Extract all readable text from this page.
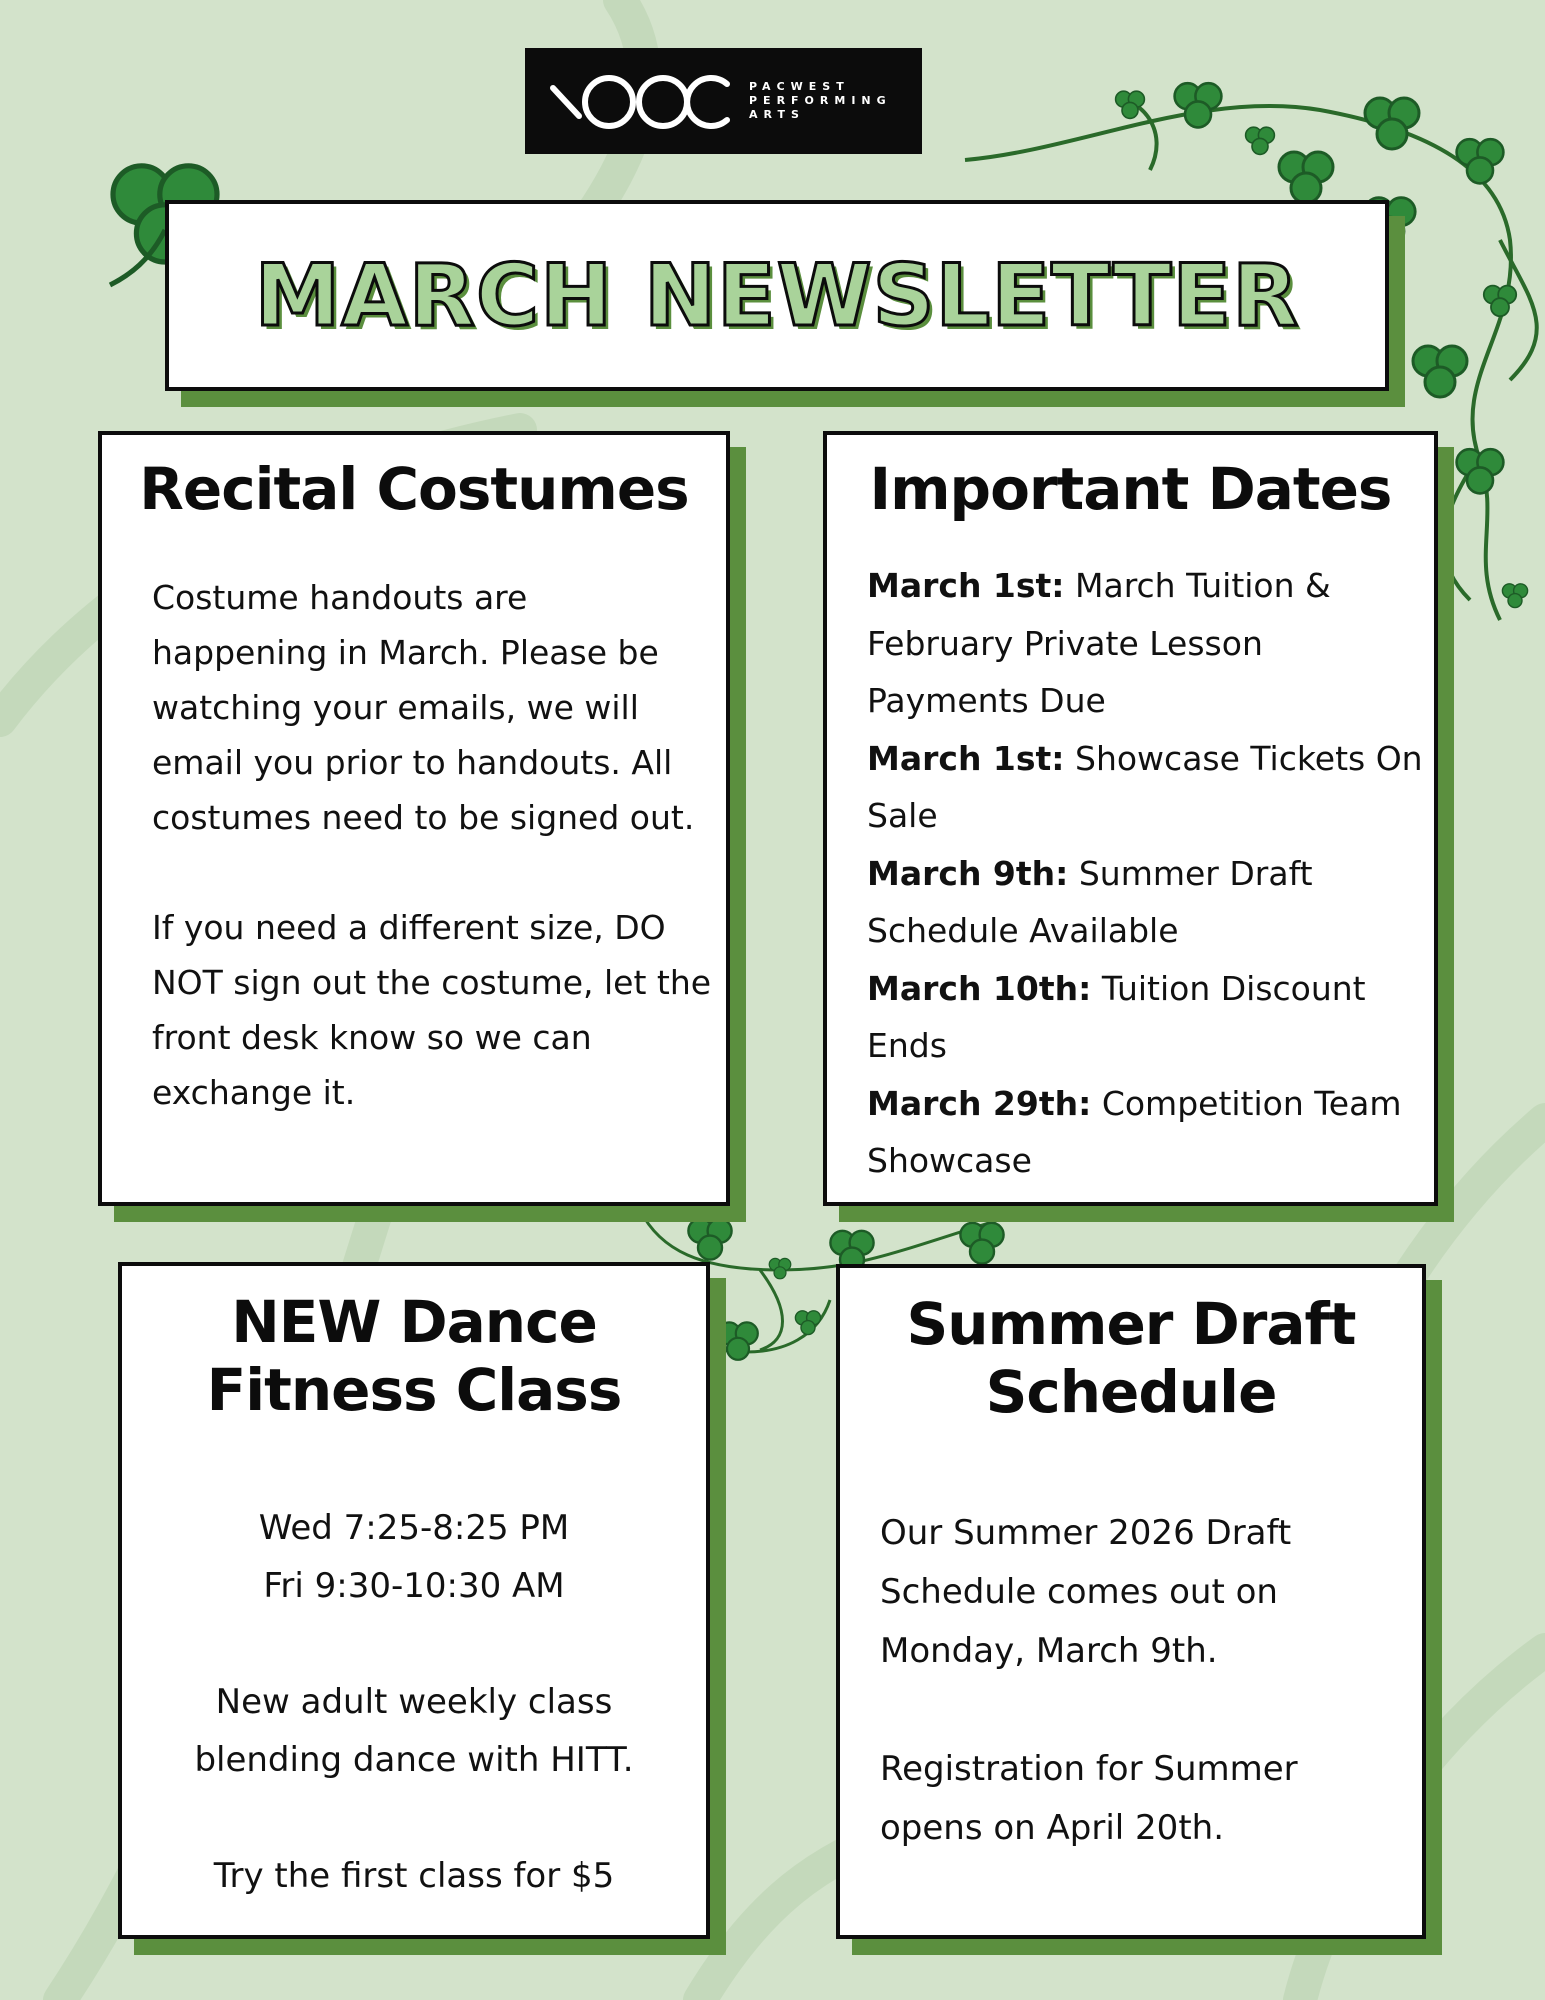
PACWEST
PERFORMING
ARTS
MARCH NEWSLETTER
Recital Costumes

Costume handouts are happening in March. Please be watching your emails, we will email you prior to handouts. All costumes need to be signed out.

If you need a different size, DO NOT sign out the costume, let the front desk know so we can exchange it.

Important Dates
March 1st: March Tuition & February Private Lesson Payments Due
March 1st: Showcase Tickets On Sale
March 9th: Summer Draft Schedule Available
March 10th: Tuition Discount Ends
March 29th: Competition Team Showcase
NEW Dance
Fitness Class

Wed 7:25-8:25 PM

Fri 9:30-10:30 AM

New adult weekly class blending dance with HITT.

Try the first class for $5

Summer Draft
Schedule

Our Summer 2026 Draft Schedule comes out on Monday, March 9th.

Registration for Summer opens on April 20th.
